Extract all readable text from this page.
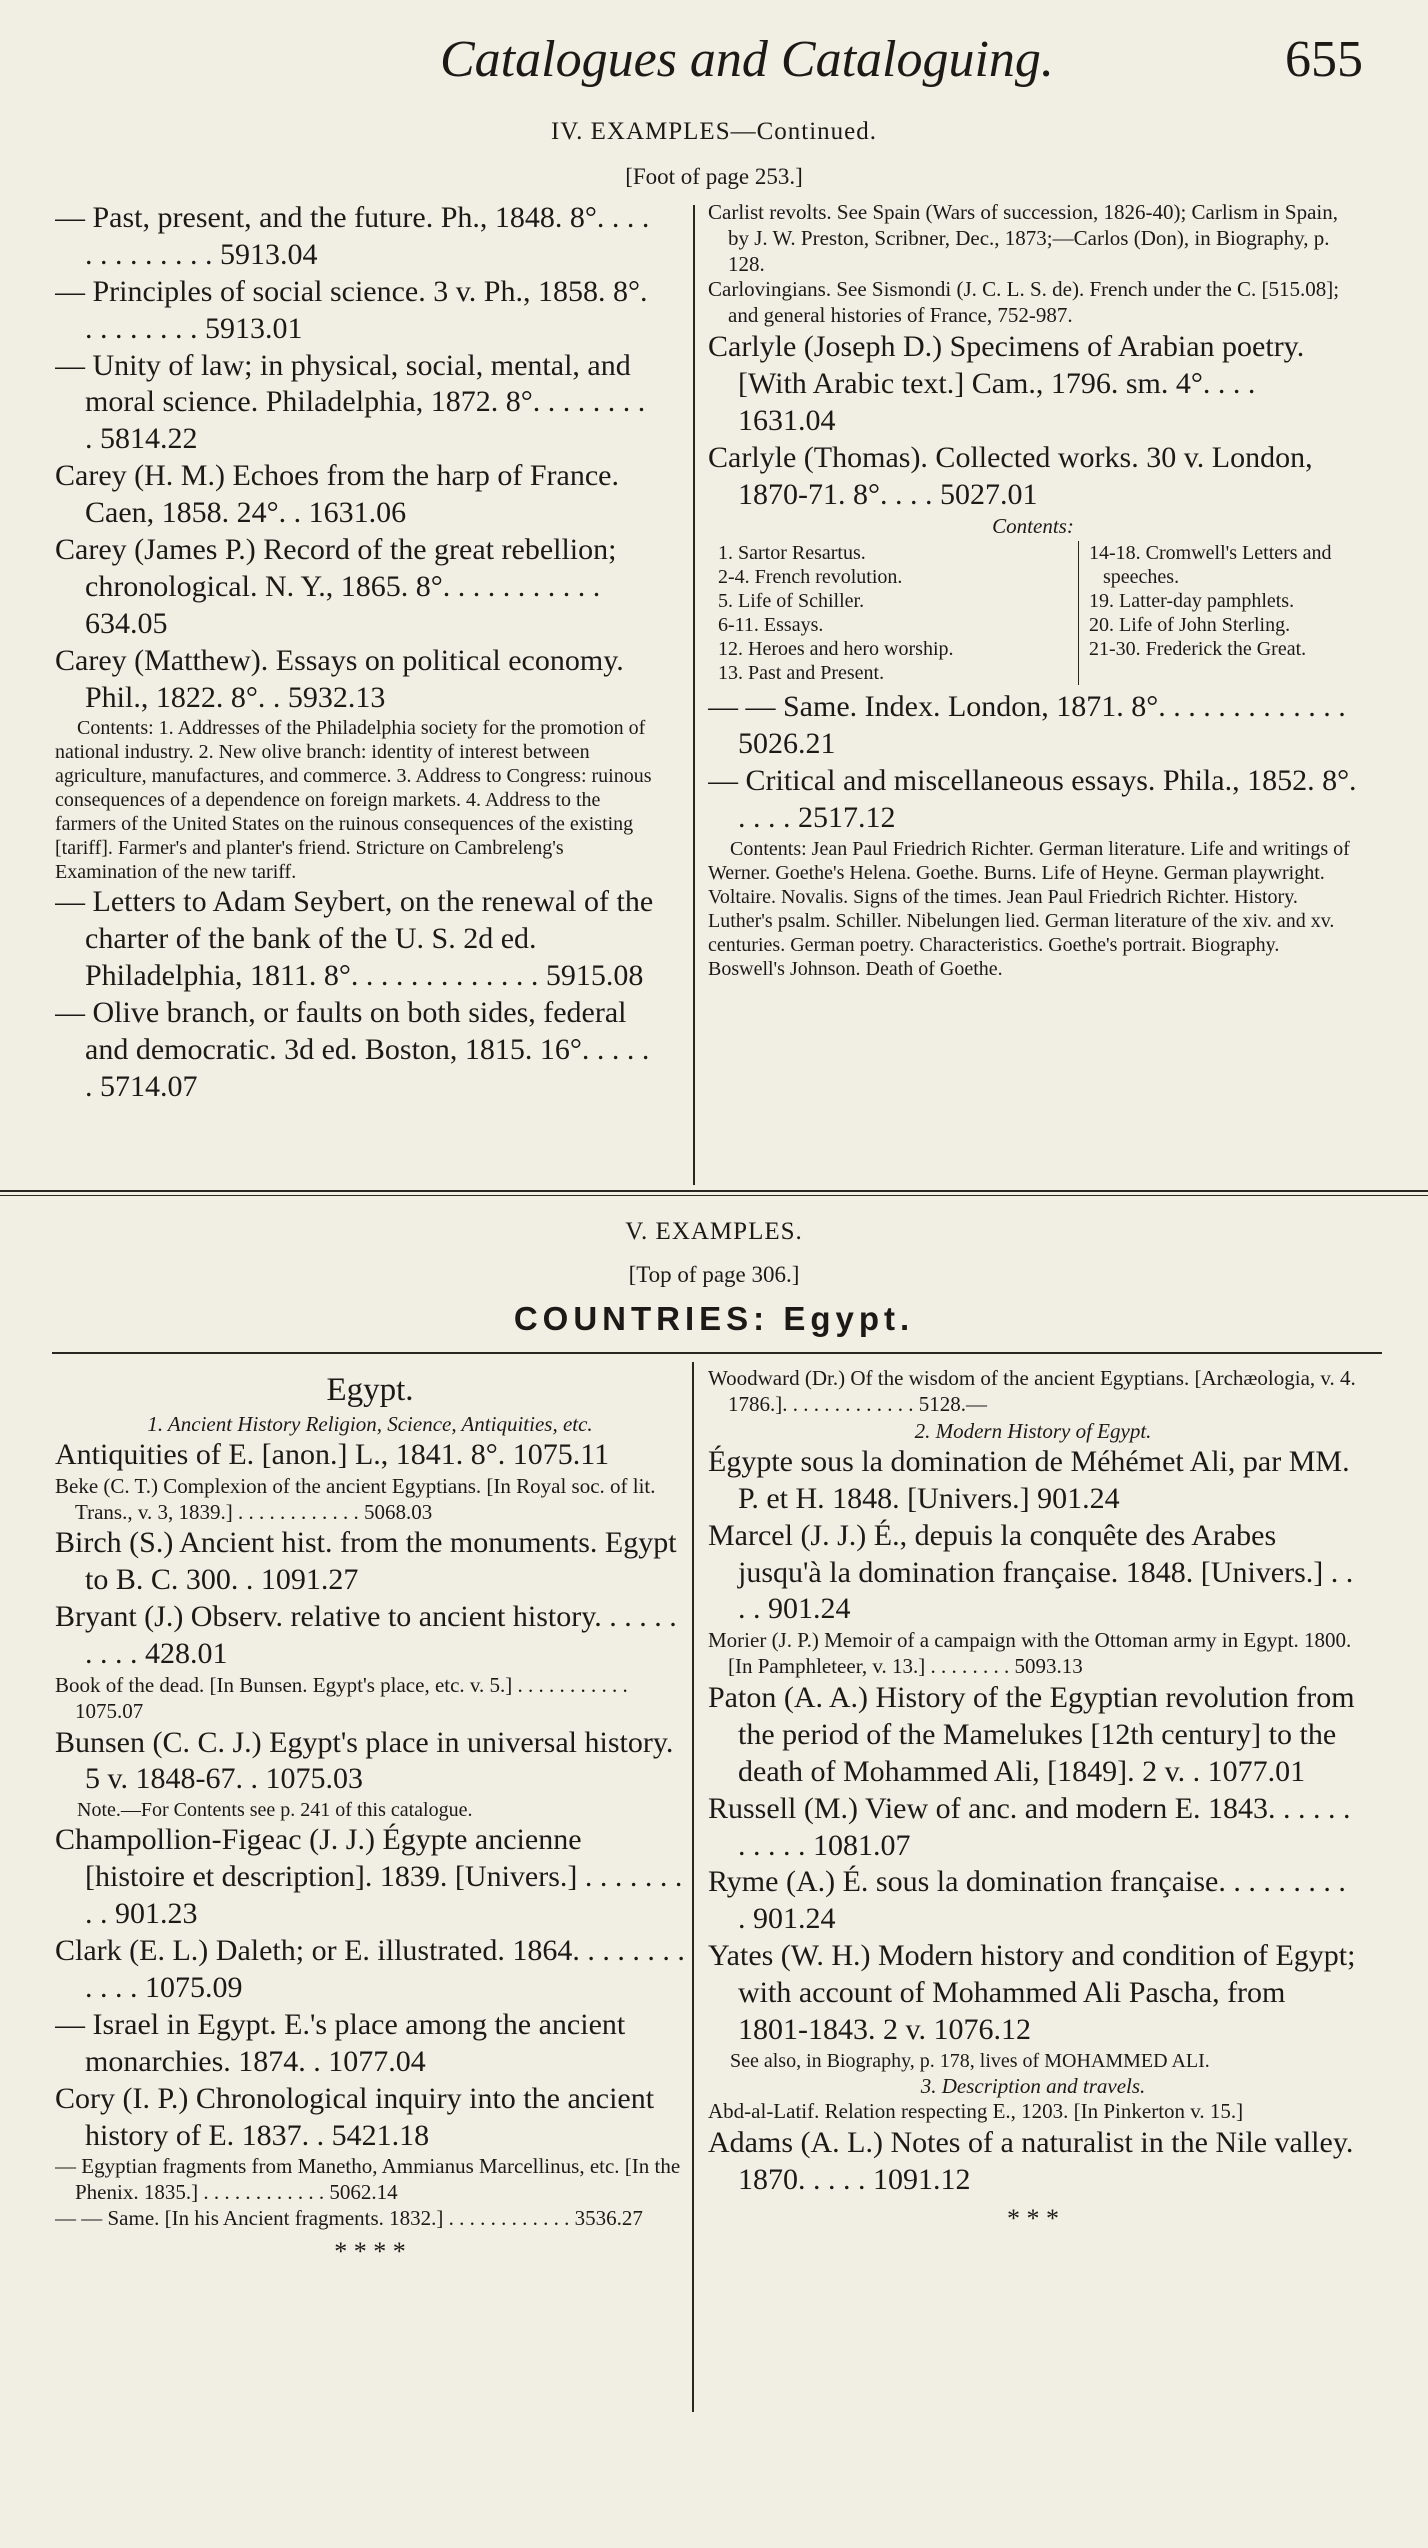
Catalogues and Cataloguing.	655
IV. EXAMPLES—Continued.
[Foot of page 253.]

— Past, present, and the future. Ph., 1848. 8°. . . . . . . . . . . . . 5913.04

— Principles of social science. 3 v. Ph., 1858. 8°. . . . . . . . . 5913.01

— Unity of law; in physical, social, mental, and moral science. Philadelphia, 1872. 8°. . . . . . . . . 5814.22

Carey (H. M.) Echoes from the harp of France. Caen, 1858. 24°. . 1631.06

Carey (James P.) Record of the great rebellion; chronological. N. Y., 1865. 8°. . . . . . . . . . . 634.05

Carey (Matthew). Essays on political economy. Phil., 1822. 8°. . 5932.13

Contents: 1. Addresses of the Philadelphia society for the promotion of national industry. 2. New olive branch: identity of interest between agriculture, manufactures, and commerce. 3. Address to Congress: ruinous consequences of a dependence on foreign markets. 4. Address to the farmers of the United States on the ruinous consequences of the existing [tariff]. Farmer's and planter's friend. Stricture on Cambreleng's Examination of the new tariff.

— Letters to Adam Seybert, on the renewal of the charter of the bank of the U. S. 2d ed. Philadelphia, 1811. 8°. . . . . . . . . . . . . 5915.08

— Olive branch, or faults on both sides, federal and democratic. 3d ed. Boston, 1815. 16°. . . . . . 5714.07

Carlist revolts. See Spain (Wars of succession, 1826-40); Carlism in Spain, by J. W. Preston, Scribner, Dec., 1873;—Carlos (Don), in Biography, p. 128.

Carlovingians. See Sismondi (J. C. L. S. de). French under the C. [515.08]; and general histories of France, 752-987.

Carlyle (Joseph D.) Specimens of Arabian poetry. [With Arabic text.] Cam., 1796. sm. 4°. . . . 1631.04

Carlyle (Thomas). Collected works. 30 v. London, 1870-71. 8°. . . . 5027.01

Contents:

1. Sartor Resartus.

2-4. French revolution.

5. Life of Schiller.

6-11. Essays.

12. Heroes and hero worship.

13. Past and Present.

14-18. Cromwell's Letters and speeches.

19. Latter-day pamphlets.

20. Life of John Sterling.

21-30. Frederick the Great.

— — Same. Index. London, 1871. 8°. . . . . . . . . . . . . 5026.21

— Critical and miscellaneous essays. Phila., 1852. 8°. . . . . 2517.12

Contents: Jean Paul Friedrich Richter. German literature. Life and writings of Werner. Goethe's Helena. Goethe. Burns. Life of Heyne. German playwright. Voltaire. Novalis. Signs of the times. Jean Paul Friedrich Richter. History. Luther's psalm. Schiller. Nibelungen lied. German literature of the xiv. and xv. centuries. German poetry. Characteristics. Goethe's portrait. Biography. Boswell's Johnson. Death of Goethe.

V. EXAMPLES.
[Top of page 306.]
COUNTRIES: Egypt.

Egypt.

1. Ancient History Religion, Science, Antiquities, etc.

Antiquities of E. [anon.] L., 1841. 8°. 1075.11

Beke (C. T.) Complexion of the ancient Egyptians. [In Royal soc. of lit. Trans., v. 3, 1839.] . . . . . . . . . . . . 5068.03

Birch (S.) Ancient hist. from the monuments. Egypt to B. C. 300. . 1091.27

Bryant (J.) Observ. relative to ancient history. . . . . . . . . . 428.01

Book of the dead. [In Bunsen. Egypt's place, etc. v. 5.] . . . . . . . . . . . 1075.07

Bunsen (C. C. J.) Egypt's place in universal history. 5 v. 1848-67. . 1075.03

Note.—For Contents see p. 241 of this catalogue.

Champollion-Figeac (J. J.) Égypte ancienne [histoire et description]. 1839. [Univers.] . . . . . . . . . 901.23

Clark (E. L.) Daleth; or E. illustrated. 1864. . . . . . . . . . . . 1075.09

— Israel in Egypt. E.'s place among the ancient monarchies. 1874. . 1077.04

Cory (I. P.) Chronological inquiry into the ancient history of E. 1837. . 5421.18

— Egyptian fragments from Manetho, Ammianus Marcellinus, etc. [In the Phenix. 1835.] . . . . . . . . . . . . 5062.14

— — Same. [In his Ancient fragments. 1832.] . . . . . . . . . . . . 3536.27

* * * *

Woodward (Dr.) Of the wisdom of the ancient Egyptians. [Archæologia, v. 4. 1786.]. . . . . . . . . . . . . 5128.—

2. Modern History of Egypt.

Égypte sous la domination de Méhémet Ali, par MM. P. et H. 1848. [Univers.] 901.24

Marcel (J. J.) É., depuis la conquête des Arabes jusqu'à la domination française. 1848. [Univers.] . . . . 901.24

Morier (J. P.) Memoir of a campaign with the Ottoman army in Egypt. 1800. [In Pamphleteer, v. 13.] . . . . . . . . 5093.13

Paton (A. A.) History of the Egyptian revolution from the period of the Mamelukes [12th century] to the death of Mohammed Ali, [1849]. 2 v. . 1077.01

Russell (M.) View of anc. and modern E. 1843. . . . . . . . . . . 1081.07

Ryme (A.) É. sous la domination française. . . . . . . . . . 901.24

Yates (W. H.) Modern history and condition of Egypt; with account of Mohammed Ali Pascha, from 1801-1843. 2 v. 1076.12

See also, in Biography, p. 178, lives of MOHAMMED ALI.

3. Description and travels.

Abd-al-Latif. Relation respecting E., 1203. [In Pinkerton v. 15.]

Adams (A. L.) Notes of a naturalist in the Nile valley. 1870. . . . . 1091.12

* * *
